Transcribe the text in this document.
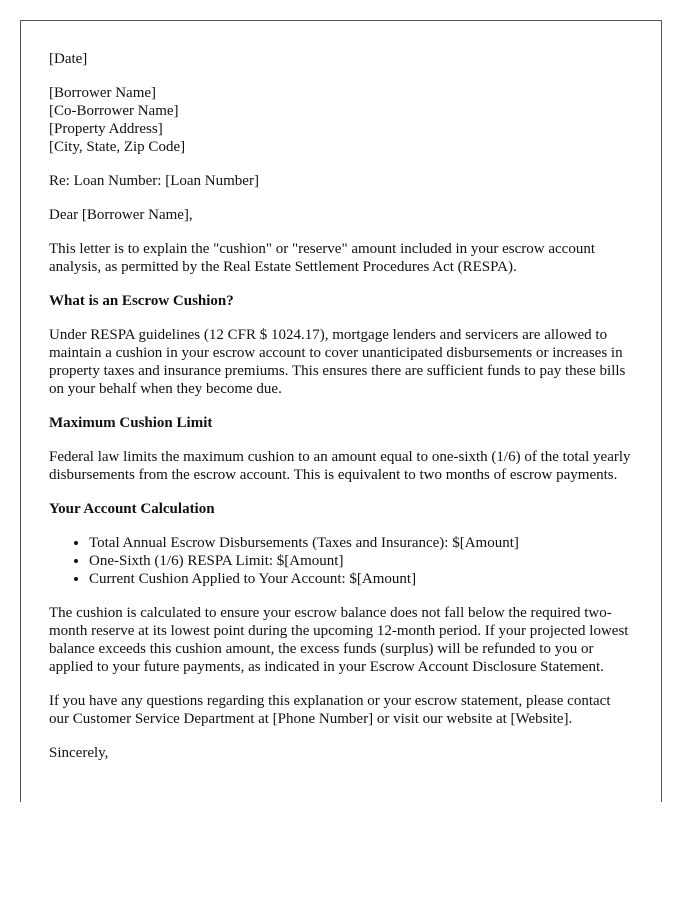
[Date]

[Borrower Name]
[Co-Borrower Name]
[Property Address]
[City, State, Zip Code]

Re: Loan Number: [Loan Number]

Dear [Borrower Name],

This letter is to explain the "cushion" or "reserve" amount included in your escrow account analysis, as permitted by the Real Estate Settlement Procedures Act (RESPA).

What is an Escrow Cushion?

Under RESPA guidelines (12 CFR $ 1024.17), mortgage lenders and servicers are allowed to maintain a cushion in your escrow account to cover unanticipated disbursements or increases in property taxes and insurance premiums. This ensures there are sufficient funds to pay these bills on your behalf when they become due.

Maximum Cushion Limit

Federal law limits the maximum cushion to an amount equal to one-sixth (1/6) of the total yearly disbursements from the escrow account. This is equivalent to two months of escrow payments.

Your Account Calculation

• Total Annual Escrow Disbursements (Taxes and Insurance): $[Amount]
• One-Sixth (1/6) RESPA Limit: $[Amount]
• Current Cushion Applied to Your Account: $[Amount]

The cushion is calculated to ensure your escrow balance does not fall below the required two-month reserve at its lowest point during the upcoming 12-month period. If your projected lowest balance exceeds this cushion amount, the excess funds (surplus) will be refunded to you or applied to your future payments, as indicated in your Escrow Account Disclosure Statement.

If you have any questions regarding this explanation or your escrow statement, please contact our Customer Service Department at [Phone Number] or visit our website at [Website].

Sincerely,
